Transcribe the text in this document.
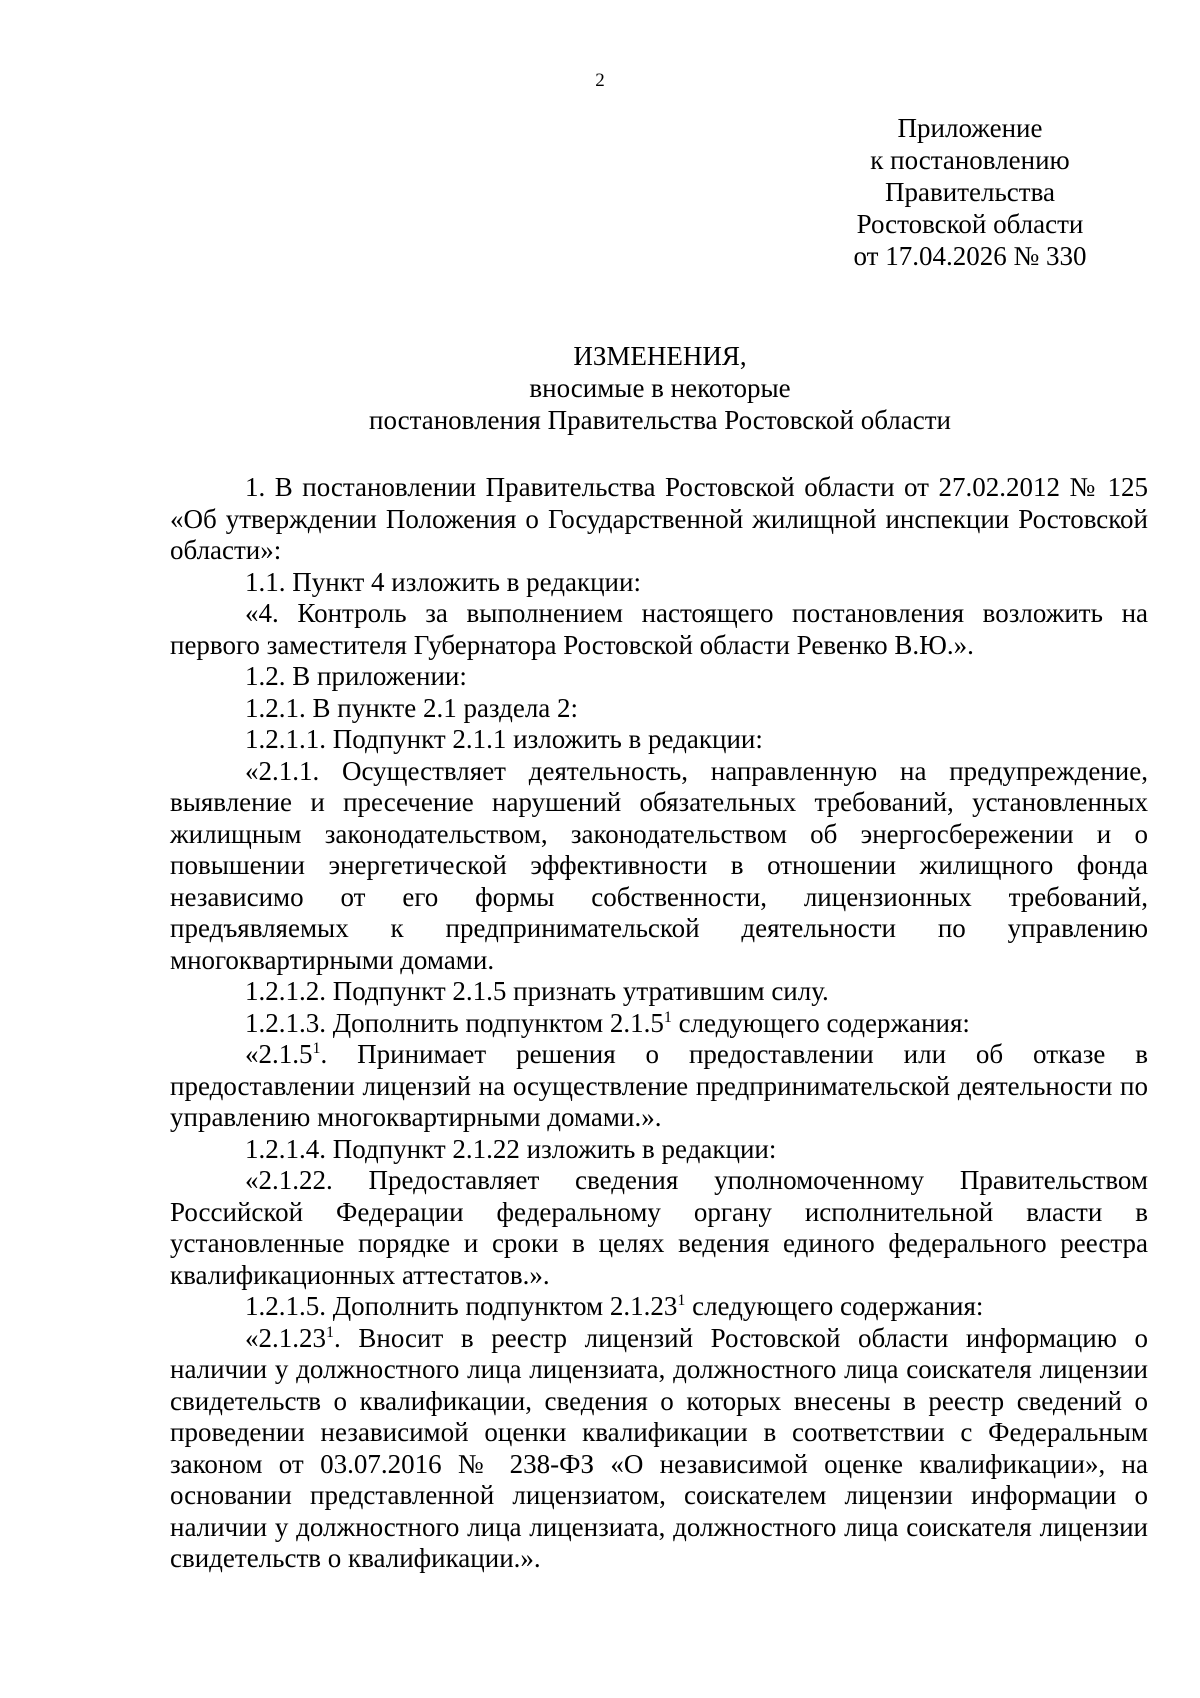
2
Приложение
к постановлению
Правительства
Ростовской области
от 17.04.2026 № 330
ИЗМЕНЕНИЯ,
вносимые в некоторые
постановления Правительства Ростовской области

1. В постановлении Правительства Ростовской области от 27.02.2012 № 125 «Об утверждении Положения о Государственной жилищной инспекции Ростовской области»:

1.1. Пункт 4 изложить в редакции:

«4. Контроль за выполнением настоящего постановления возложить на первого заместителя Губернатора Ростовской области Ревенко В.Ю.».

1.2. В приложении:

1.2.1. В пункте 2.1 раздела 2:

1.2.1.1. Подпункт 2.1.1 изложить в редакции:

«2.1.1. Осуществляет деятельность, направленную на предупреждение, выявление и пресечение нарушений обязательных требований, установленных жилищным законодательством, законодательством об энергосбережении и о повышении энергетической эффективности в отношении жилищного фонда независимо от его формы собственности, лицензионных требований, предъявляемых к предпринимательской деятельности по управлению многоквартирными домами.

1.2.1.2. Подпункт 2.1.5 признать утратившим силу.

1.2.1.3. Дополнить подпунктом 2.1.5$^1$ следующего содержания:

«2.1.5$^1$. Принимает решения о предоставлении или об отказе в предоставлении лицензий на осуществление предпринимательской деятельности по управлению многоквартирными домами.».

1.2.1.4. Подпункт 2.1.22 изложить в редакции:

«2.1.22. Предоставляет сведения уполномоченному Правительством Российской Федерации федеральному органу исполнительной власти в установленные порядке и сроки в целях ведения единого федерального реестра квалификационных аттестатов.».

1.2.1.5. Дополнить подпунктом 2.1.23$^1$ следующего содержания:

«2.1.23$^1$. Вносит в реестр лицензий Ростовской области информацию о наличии у должностного лица лицензиата, должностного лица соискателя лицензии свидетельств о квалификации, сведения о которых внесены в реестр сведений о проведении независимой оценки квалификации в соответствии с Федеральным законом от 03.07.2016 № 238-ФЗ «О независимой оценке квалификации», на основании представленной лицензиатом, соискателем лицензии информации о наличии у должностного лица лицензиата, должностного лица соискателя лицензии свидетельств о квалификации.».
